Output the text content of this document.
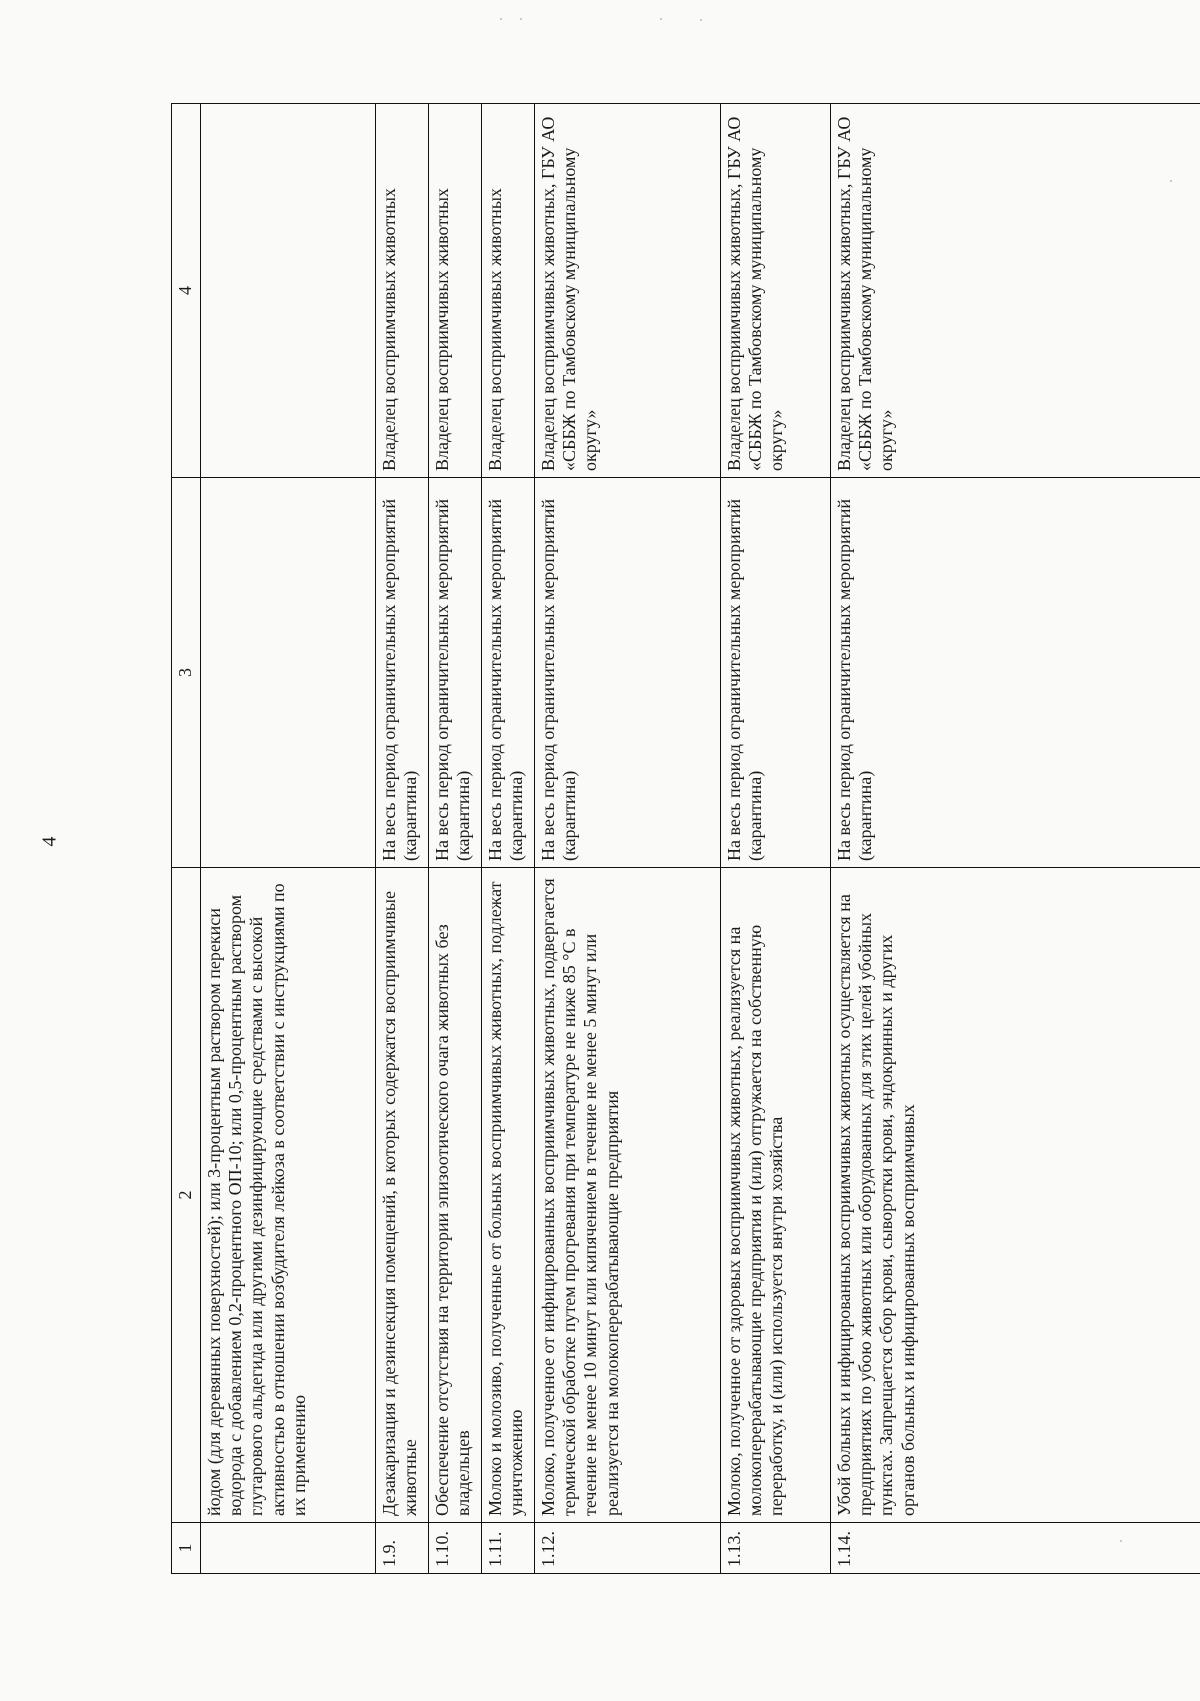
4
1	2	3	4
	йодом (для деревянных поверхностей); или 3-процентным раствором перекиси водорода с добавлением 0,2-процентного ОП-10; или 0,5-процентным раствором глутарового альдегида или другими дезинфицирующие средствами с высокой активностью в отношении возбудителя лейкоза в соответствии с инструкциями по их применению		
1.9.	Дезакаризация и дезинсекция помещений, в которых содержатся восприимчивые животные	На весь период ограничительных мероприятий (карантина)	Владелец восприимчивых животных
1.10.	Обеспечение отсутствия на территории эпизоотического очага животных без владельцев	На весь период ограничительных мероприятий (карантина)	Владелец восприимчивых животных
1.11.	Молоко и молозиво, полученные от больных восприимчивых животных, подлежат уничтожению	На весь период ограничительных мероприятий (карантина)	Владелец восприимчивых животных
1.12.	Молоко, полученное от инфицированных восприимчивых животных, подвергается термической обработке путем прогревания при температуре не ниже 85 °С в течение не менее 10 минут или кипячением в течение не менее 5 минут или реализуется на молокоперерабатывающие предприятия	На весь период ограничительных мероприятий (карантина)	Владелец восприимчивых животных, ГБУ АО «СББЖ по Тамбовскому муниципальному округу»
1.13.	Молоко, полученное от здоровых восприимчивых животных, реализуется на молокоперерабатывающие предприятия и (или) отгружается на собственную переработку, и (или) используется внутри хозяйства	На весь период ограничительных мероприятий (карантина)	Владелец восприимчивых животных, ГБУ АО «СББЖ по Тамбовскому муниципальному округу»
1.14.	Убой больных и инфицированных восприимчивых животных осуществляется на предприятиях по убою животных или оборудованных для этих целей убойных пунктах. Запрещается сбор крови, сыворотки крови, эндокринных и других органов больных и инфицированных восприимчивых	На весь период ограничительных мероприятий (карантина)	Владелец восприимчивых животных, ГБУ АО «СББЖ по Тамбовскому муниципальному округу»
